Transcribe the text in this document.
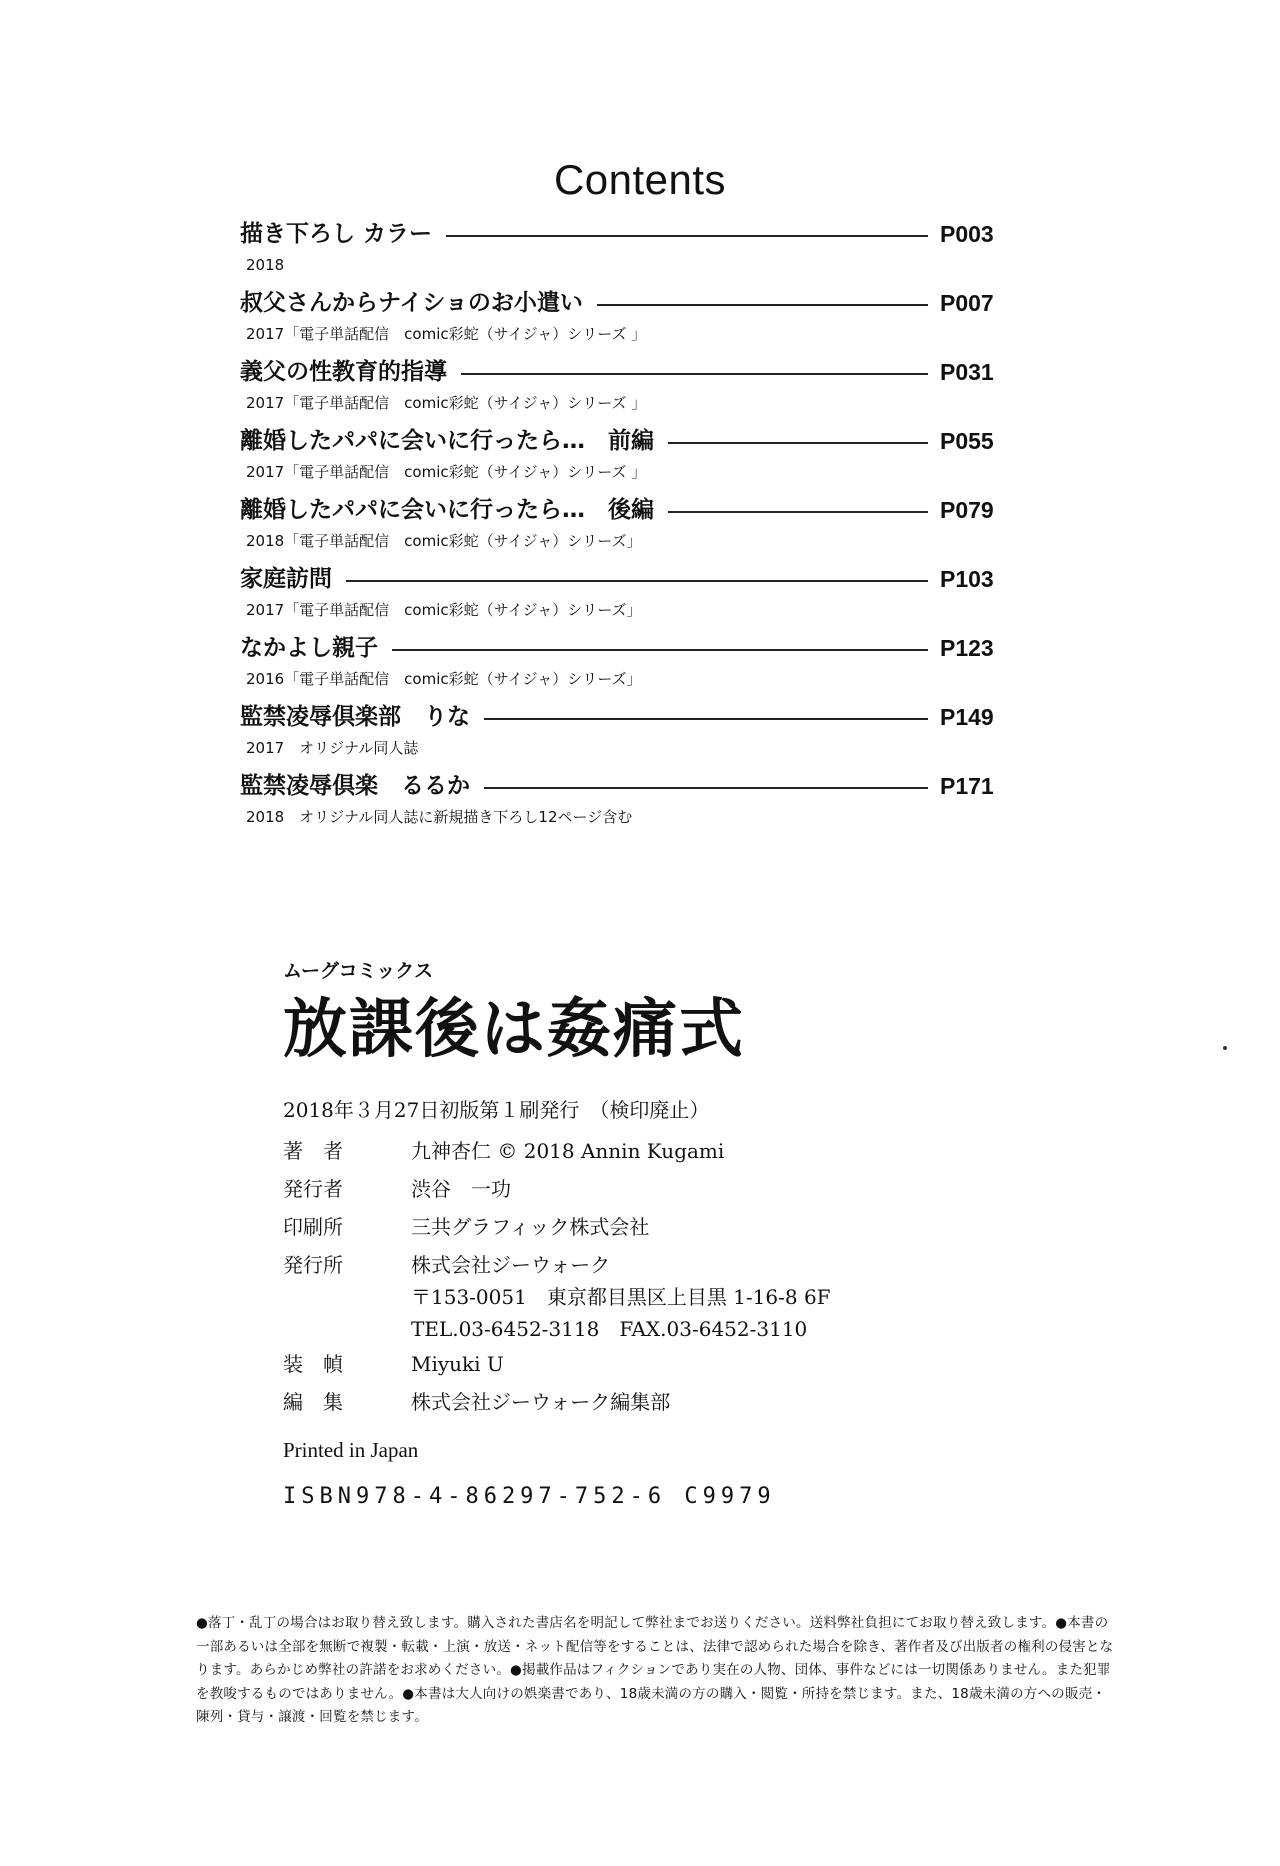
Contents
描き下ろし カラー	P003
2018
叔父さんからナイショのお小遣い	P007
2017「電子単話配信　comic彩蛇（サイジャ）シリーズ 」
義父の性教育的指導	P031
2017「電子単話配信　comic彩蛇（サイジャ）シリーズ 」
離婚したパパに会いに行ったら…　前編	P055
2017「電子単話配信　comic彩蛇（サイジャ）シリーズ 」
離婚したパパに会いに行ったら…　後編	P079
2018「電子単話配信　comic彩蛇（サイジャ）シリーズ」
家庭訪問	P103
2017「電子単話配信　comic彩蛇（サイジャ）シリーズ」
なかよし親子	P123
2016「電子単話配信　comic彩蛇（サイジャ）シリーズ」
監禁凌辱倶楽部　りな	P149
2017　オリジナル同人誌
監禁凌辱倶楽　るるか	P171
2018　オリジナル同人誌に新規描き下ろし12ページ含む
ムーグコミックス
放課後は姦痛式
2018年３月27日初版第１刷発行　（検印廃止）
著者	九神杏仁 © 2018 Annin Kugami
発行者	渋谷　一功
印刷所	三共グラフィック株式会社
発行所	株式会社ジーウォーク
〒153-0051　東京都目黒区上目黒 1-16-8 6F
TEL.03-6452-3118　FAX.03-6452-3110
装幀	Miyuki U
編集	株式会社ジーウォーク編集部
Printed in Japan
ISBN978-4-86297-752-6 C9979
●落丁・乱丁の場合はお取り替え致します。購入された書店名を明記して弊社までお送りください。送料弊社負担にてお取り替え致します。●本書の一部あるいは全部を無断で複製・転載・上演・放送・ネット配信等をすることは、法律で認められた場合を除き、著作者及び出版者の権利の侵害となります。あらかじめ弊社の許諾をお求めください。●掲載作品はフィクションであり実在の人物、団体、事件などには一切関係ありません。また犯罪を教唆するものではありません。●本書は大人向けの娯楽書であり、18歳未満の方の購入・閲覧・所持を禁じます。また、18歳未満の方への販売・陳列・貸与・譲渡・回覧を禁じます。
